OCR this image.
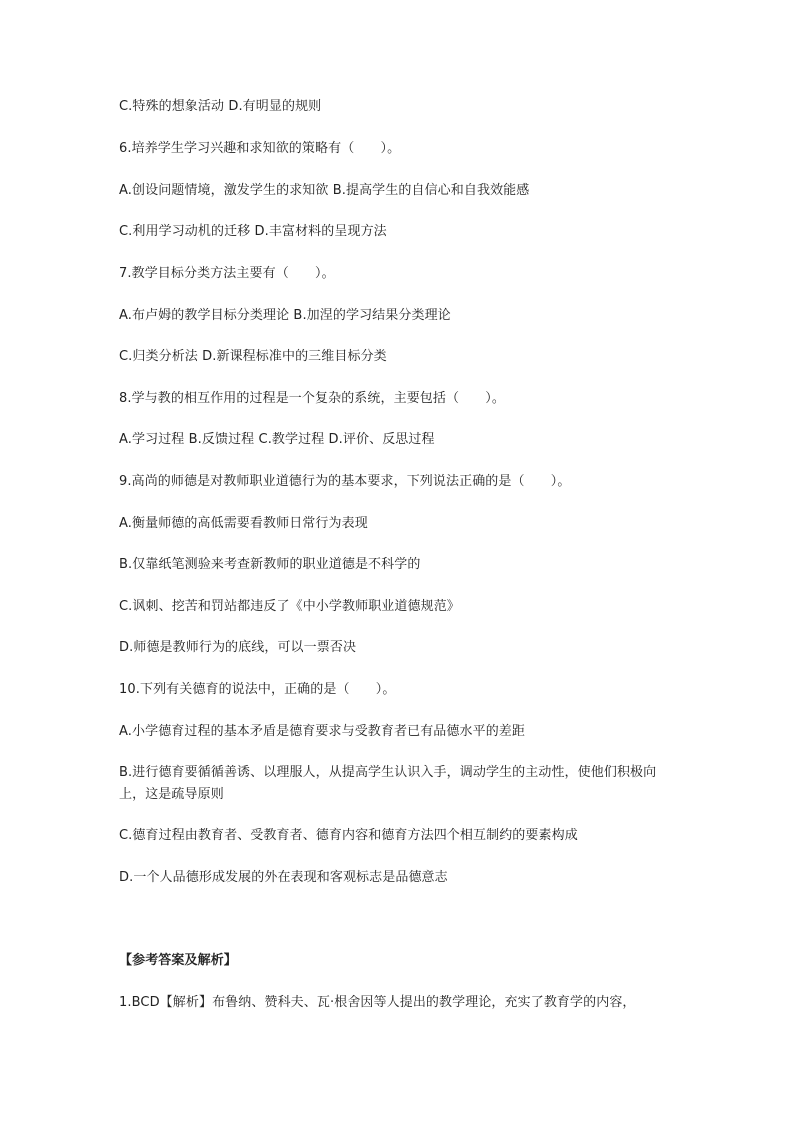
C.特殊的想象活动 D.有明显的规则
6.培养学生学习兴趣和求知欲的策略有（　　）。
A.创设问题情境，激发学生的求知欲 B.提高学生的自信心和自我效能感
C.利用学习动机的迁移 D.丰富材料的呈现方法
7.教学目标分类方法主要有（　　）。
A.布卢姆的教学目标分类理论 B.加涅的学习结果分类理论
C.归类分析法 D.新课程标准中的三维目标分类
8.学与教的相互作用的过程是一个复杂的系统，主要包括（　　）。
A.学习过程 B.反馈过程 C.教学过程 D.评价、反思过程
9.高尚的师德是对教师职业道德行为的基本要求，下列说法正确的是（　　）。
A.衡量师德的高低需要看教师日常行为表现
B.仅靠纸笔测验来考查新教师的职业道德是不科学的
C.讽刺、挖苦和罚站都违反了《中小学教师职业道德规范》
D.师德是教师行为的底线，可以一票否决
10.下列有关德育的说法中，正确的是（　　）。
A.小学德育过程的基本矛盾是德育要求与受教育者已有品德水平的差距
B.进行德育要循循善诱、以理服人，从提高学生认识入手，调动学生的主动性，使他们积极向上，这是疏导原则
C.德育过程由教育者、受教育者、德育内容和德育方法四个相互制约的要素构成
D.一个人品德形成发展的外在表现和客观标志是品德意志
【参考答案及解析】
1.BCD【解析】布鲁纳、赞科夫、瓦·根舍因等人提出的教学理论，充实了教育学的内容，
